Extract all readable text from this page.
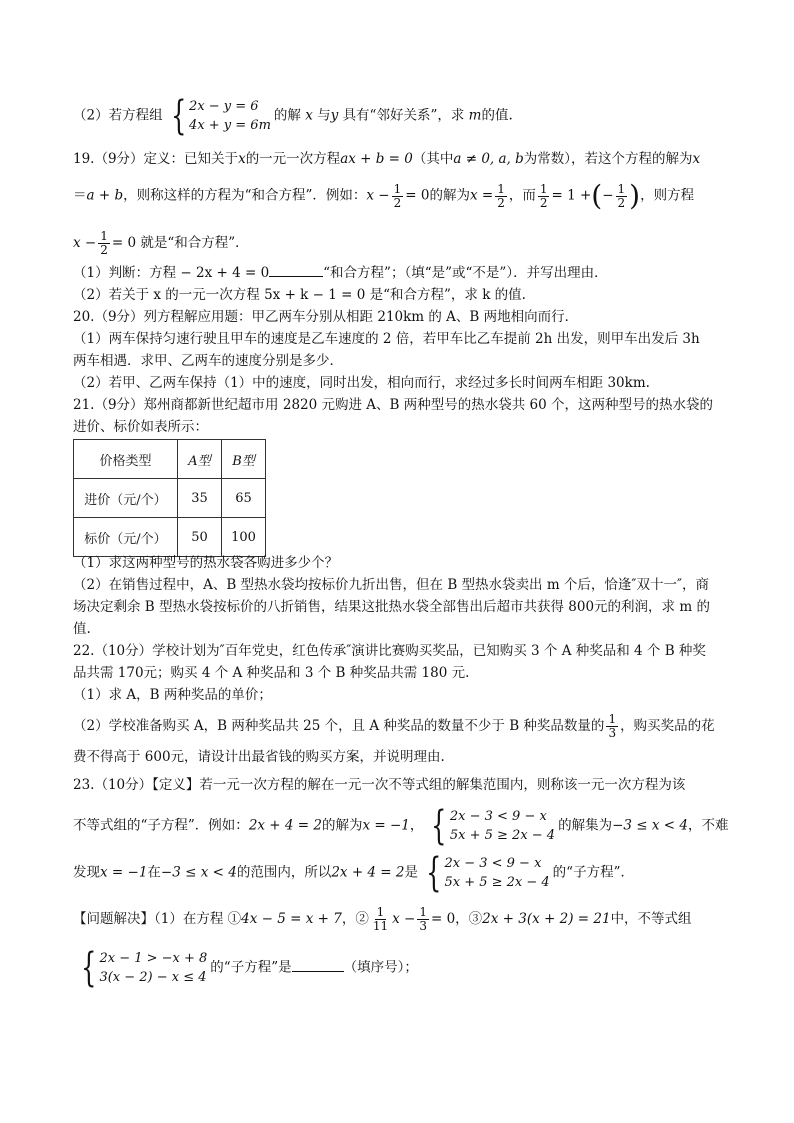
（2）若方程组 { 2x − y = 6
4x + y = 6m
的解 x 与y 具有“邻好关系”，求 m的值.
19.（9分）定义：已知关于x的一元一次方程ax + b = 0（其中a ≠ 0, a, b为常数），若这个方程的解为x
＝a + b，则称这样的方程为“和合方程”．例如：$x - \frac{1}{2} = 0$的解为$x = \frac{1}{2}$ ，而 $\frac{1}{2} = 1$ +(− $\frac{1}{2}$ )，则方程
$x - \frac{1}{2} = 0$ 就是“和合方程”．
（1）判断：方程 − 2x + 4 = 0	“和合方程”；（填“是”或“不是”）．并写出理由．
（2）若关于 x 的一元一次方程 5x + k − 1 = 0 是“和合方程”，求 k 的值.
20.（9分）列方程解应用题：甲乙两车分别从相距 210km 的 A、B 两地相向而行．
（1）两车保持匀速行驶且甲车的速度是乙车速度的 2 倍，若甲车比乙车提前 2h 出发，则甲车出发后 3h
两车相遇．求甲、乙两车的速度分别是多少．
（2）若甲、乙两车保持（1）中的速度，同时出发，相向而行，求经过多长时间两车相距 30km.
21.（9分）郑州商都新世纪超市用 2820 元购进 A、B 两种型号的热水袋共 60 个，这两种型号的热水袋的
进价、标价如表所示：
价格类型	A型	B型
进价（元/个）	35	65
标价（元/个）	50	100
（1）求这两种型号的热水袋各购进多少个？
（2）在销售过程中，A、B 型热水袋均按标价九折出售，但在 B 型热水袋卖出 m 个后，恰逢″双十一″，商
场决定剩余 B 型热水袋按标价的八折销售，结果这批热水袋全部售出后超市共获得 800元的利润，求 m 的
值.
22.（10分）学校计划为″百年党史，红色传承″演讲比赛购买奖品，已知购买 3 个 A 种奖品和 4 个 B 种奖
品共需 170元；购买 4 个 A 种奖品和 3 个 B 种奖品共需 180 元.
（1）求 A，B 两种奖品的单价；
（2）学校准备购买 A，B 两种奖品共 25 个，且 A 种奖品的数量不少于 B 种奖品数量的 $\frac{1}{3}$ ，购买奖品的花
费不得高于 600元，请设计出最省钱的购买方案，并说明理由.
23.（10分）【定义】若一元一次方程的解在一元一次不等式组的解集范围内，则称该一元一次方程为该
不等式组的“子方程”．例如：2x + 4 = 2的解为x = −1， { 2x − 3 < 9 − x
5x + 5 ≥ 2x − 4
的解集为−3 ≤ x < 4，不难
发现x = −1在−3 ≤ x < 4的范围内，所以2x + 4 = 2是 { 2x − 3 < 9 − x
5x + 5 ≥ 2x − 4
的“子方程”．
【问题解决】（1）在方程 ①4x − 5 = x + 7，② $\frac{1}{11}$ $x - \frac{1}{3} = 0$，③2x + 3(x + 2) = 21中，不等式组
{ 2x − 1 > −x + 8
3(x − 2) − x ≤ 4
的“子方程”是	（填序号）；
